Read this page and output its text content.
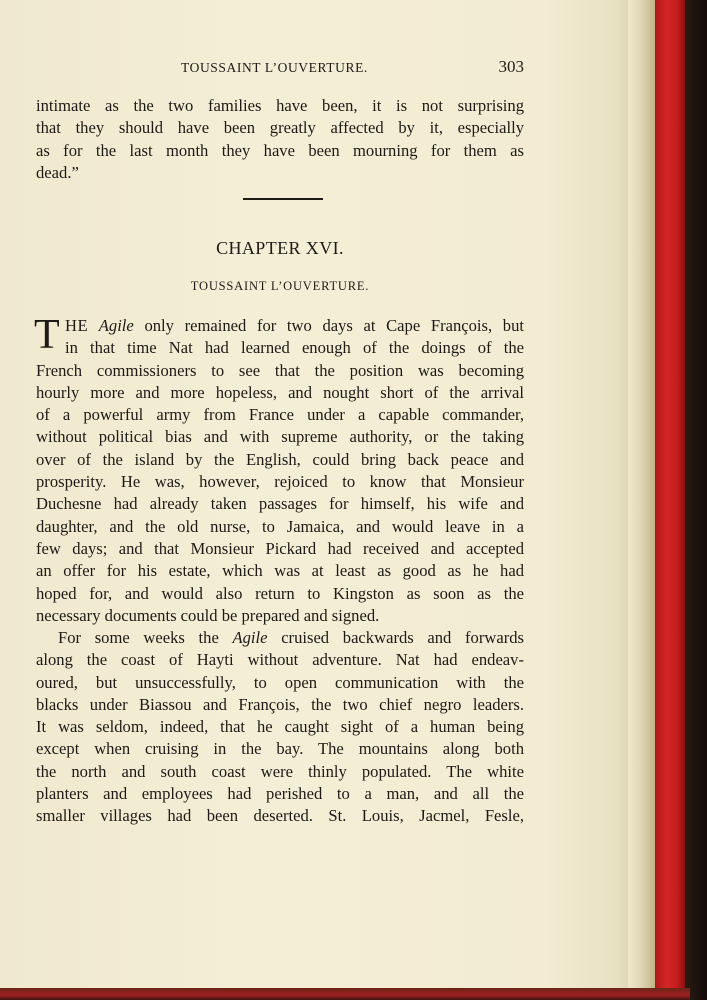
TOUSSAINT L’OUVERTURE.	303
intimate as the two families have been, it is not surprising
that they should have been greatly affected by it, especially
as for the last month they have been mourning for them as
dead.”
CHAPTER XVI.
TOUSSAINT L’OUVERTURE.
T HE Agile only remained for two days at Cape François, but
in that time Nat had learned enough of the doings of the
French commissioners to see that the position was becoming
hourly more and more hopeless, and nought short of the arrival
of a powerful army from France under a capable commander,
without political bias and with supreme authority, or the taking
over of the island by the English, could bring back peace and
prosperity. He was, however, rejoiced to know that Monsieur
Duchesne had already taken passages for himself, his wife and
daughter, and the old nurse, to Jamaica, and would leave in a
few days; and that Monsieur Pickard had received and accepted
an offer for his estate, which was at least as good as he had
hoped for, and would also return to Kingston as soon as the
necessary documents could be prepared and signed.
For some weeks the Agile cruised backwards and forwards
along the coast of Hayti without adventure. Nat had endeav-
oured, but unsuccessfully, to open communication with the
blacks under Biassou and François, the two chief negro leaders.
It was seldom, indeed, that he caught sight of a human being
except when cruising in the bay. The mountains along both
the north and south coast were thinly populated. The white
planters and employees had perished to a man, and all the
smaller villages had been deserted. St. Louis, Jacmel, Fesle,
